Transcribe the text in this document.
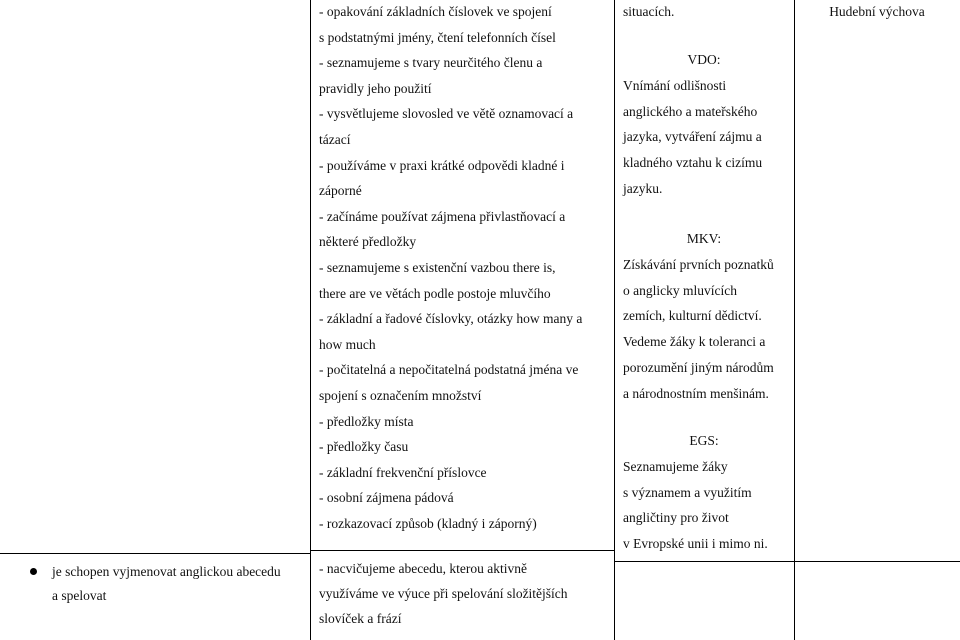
je schopen vyjmenovat anglickou abecedu
a spelovat
- opakování základních číslovek ve spojení
s podstatnými jmény, čtení telefonních čísel
- seznamujeme s tvary neurčitého členu a
pravidly jeho použití
- vysvětlujeme slovosled ve větě oznamovací a
tázací
- používáme v praxi krátké odpovědi kladné i
záporné
- začínáme používat zájmena přivlastňovací a
některé předložky
- seznamujeme s existenční vazbou there is,
there are ve větách podle postoje mluvčího
- základní a řadové číslovky, otázky how many a
how much
- počitatelná a nepočitatelná podstatná jména ve
spojení s označením množství
- předložky místa
- předložky času
- základní frekvenční příslovce
- osobní zájmena pádová
- rozkazovací způsob (kladný i záporný)
- nacvičujeme abecedu, kterou aktivně
využíváme ve výuce při spelování složitějších
slovíček a frází
situacích.
VDO:
Vnímání odlišnosti
anglického a mateřského
jazyka, vytváření zájmu a
kladného vztahu k cizímu
jazyku.
MKV:
Získávání prvních poznatků
o anglicky mluvících
zemích, kulturní dědictví.
Vedeme žáky k toleranci a
porozumění jiným národům
a národnostním menšinám.
EGS:
Seznamujeme žáky
s významem a využitím
angličtiny pro život
v Evropské unii i mimo ni.
Hudební výchova
